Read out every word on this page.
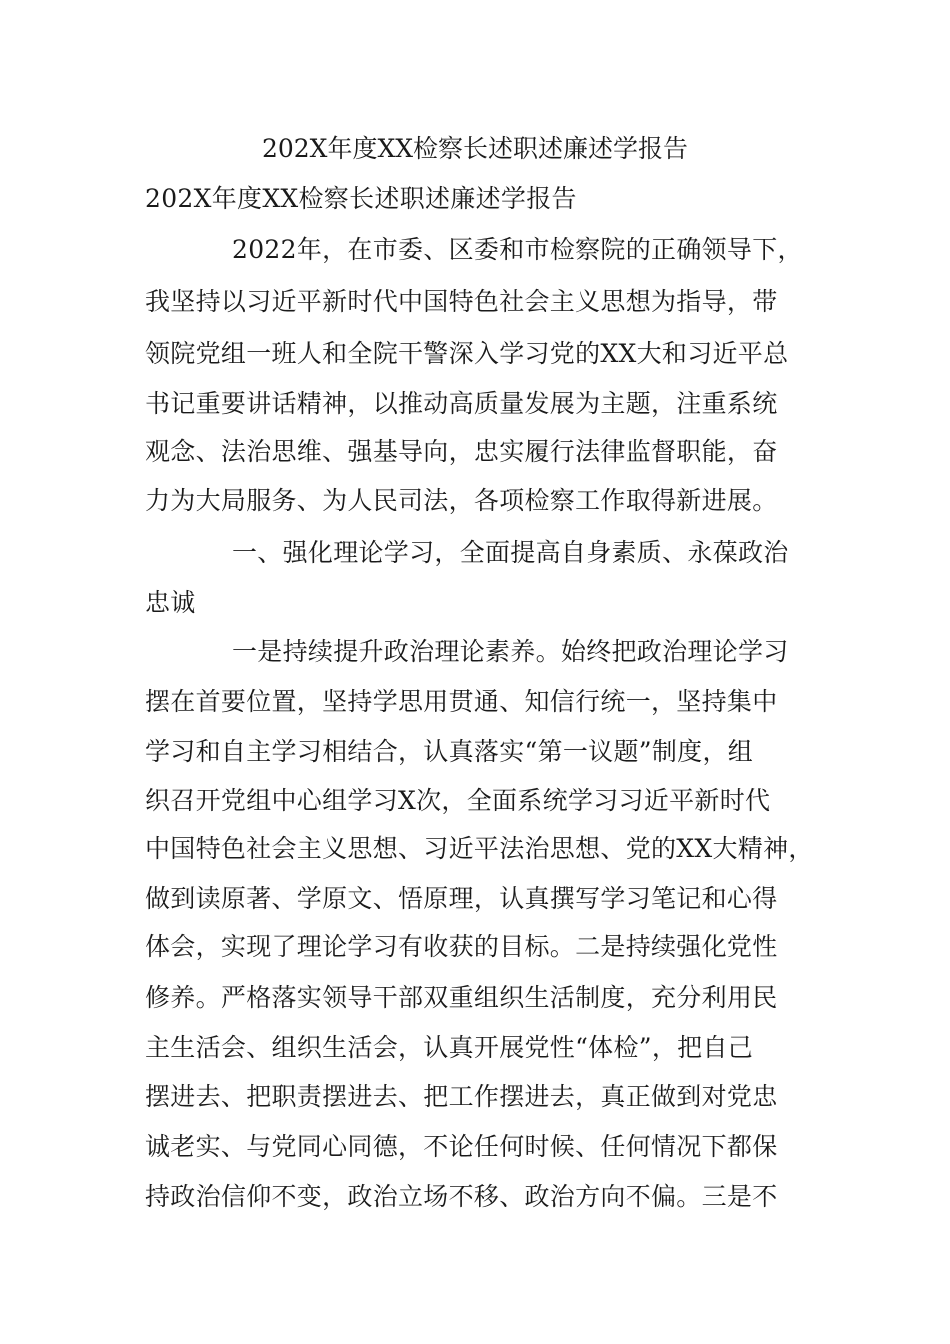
202X年度XX检察长述职述廉述学报告
202X年度XX检察长述职述廉述学报告
2022年，在市委、区委和市检察院的正确领导下，
我坚持以习近平新时代中国特色社会主义思想为指导，带
领院党组一班人和全院干警深入学习党的XX大和习近平总
书记重要讲话精神，以推动高质量发展为主题，注重系统
观念、法治思维、强基导向，忠实履行法律监督职能，奋
力为大局服务、为人民司法，各项检察工作取得新进展。
一、强化理论学习，全面提高自身素质、永葆政治
忠诚
一是持续提升政治理论素养。始终把政治理论学习
摆在首要位置，坚持学思用贯通、知信行统一，坚持集中
学习和自主学习相结合，认真落实“第一议题”制度，组
织召开党组中心组学习X次，全面系统学习习近平新时代
中国特色社会主义思想、习近平法治思想、党的XX大精神，
做到读原著、学原文、悟原理，认真撰写学习笔记和心得
体会，实现了理论学习有收获的目标。二是持续强化党性
修养。严格落实领导干部双重组织生活制度，充分利用民
主生活会、组织生活会，认真开展党性“体检”，把自己
摆进去、把职责摆进去、把工作摆进去，真正做到对党忠
诚老实、与党同心同德，不论任何时候、任何情况下都保
持政治信仰不变，政治立场不移、政治方向不偏。三是不
